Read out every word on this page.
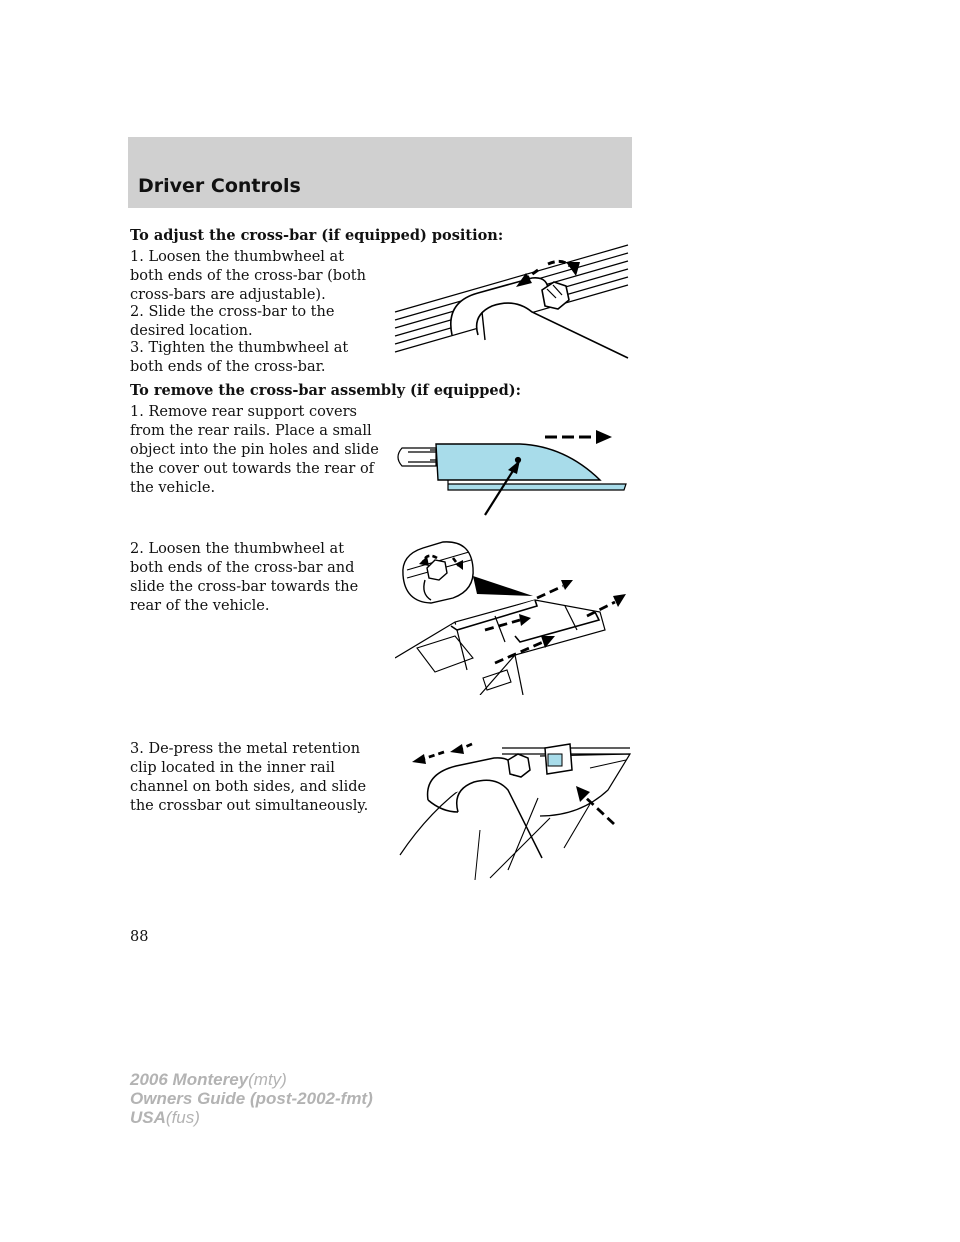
Driver Controls

To adjust the cross-bar (if equipped) position:

1. Loosen the thumbwheel at both ends of the cross-bar (both cross-bars are adjustable).

2. Slide the cross-bar to the desired location.

3. Tighten the thumbwheel at both ends of the cross-bar.

To remove the cross-bar assembly (if equipped):

1. Remove rear support covers from the rear rails. Place a small object into the pin holes and slide the cover out towards the rear of the vehicle.

2. Loosen the thumbwheel at both ends of the cross-bar and slide the cross-bar towards the rear of the vehicle.

3. De-press the metal retention clip located in the inner rail channel on both sides, and slide the crossbar out simultaneously.

88

2006 Monterey(mty)
Owners Guide (post-2002-fmt)
USA(fus)
